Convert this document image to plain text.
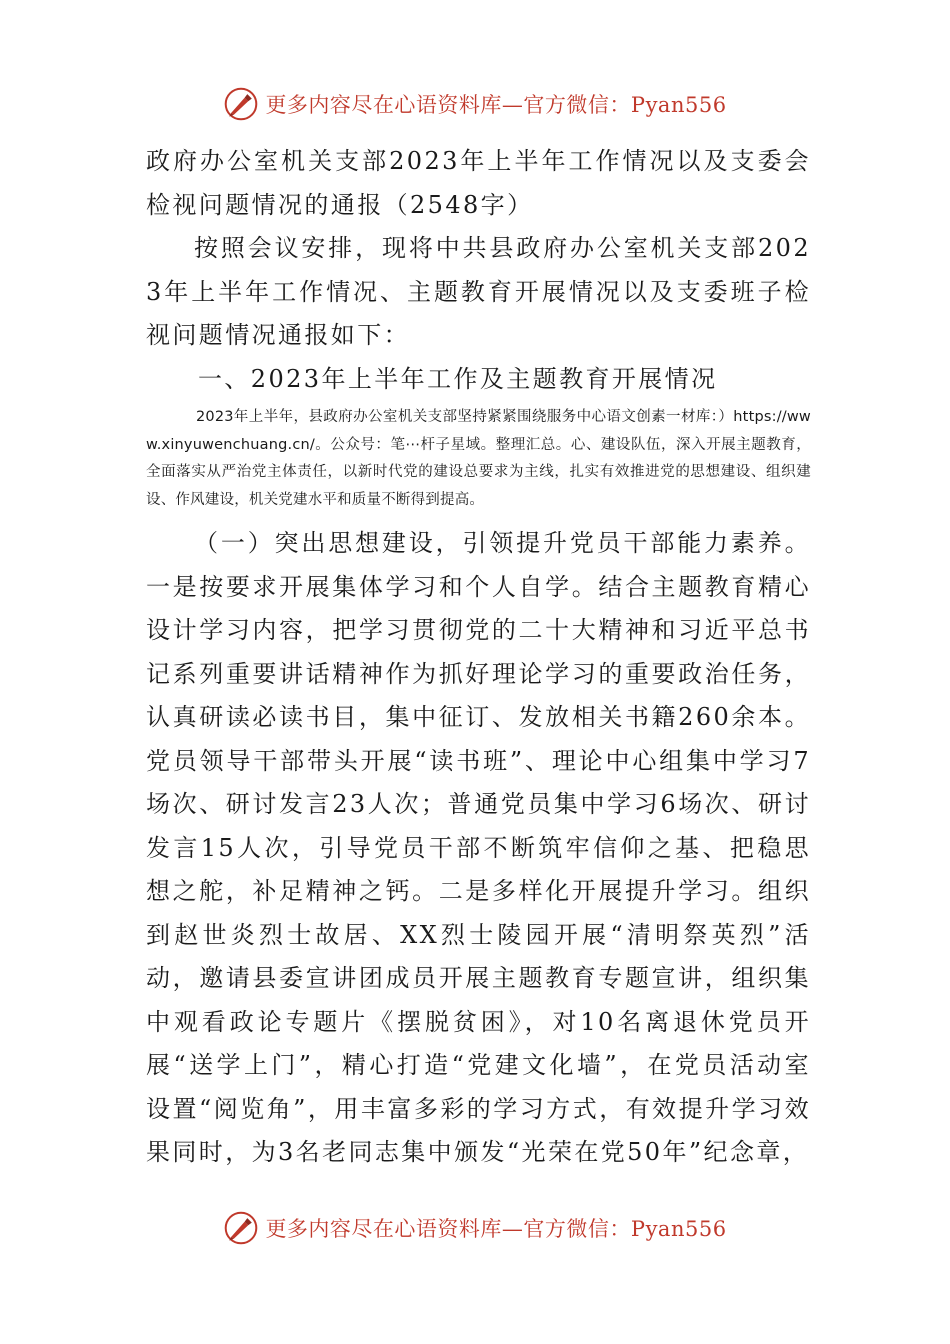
更多内容尽在心语资料库—官方微信：Pyan556

政府办公室机关支部2023年上半年工作情况以及支委会检视问题情况的通报（2548字）

按照会议安排，现将中共县政府办公室机关支部2023年上半年工作情况、主题教育开展情况以及支委班子检视问题情况通报如下：

一、2023年上半年工作及主题教育开展情况

2023年上半年，县政府办公室机关支部坚持紧紧围绕服务中心语文创素一材库：）https://www.xinyuwenchuang.cn/。公众号：笔⋯杆子星域。整理汇总。心、建设队伍，深入开展主题教育，全面落实从严治党主体责任，以新时代党的建设总要求为主线，扎实有效推进党的思想建设、组织建设、作风建设，机关党建水平和质量不断得到提高。

（一）突出思想建设，引领提升党员干部能力素养。一是按要求开展集体学习和个人自学。结合主题教育精心设计学习内容，把学习贯彻党的二十大精神和习近平总书记系列重要讲话精神作为抓好理论学习的重要政治任务，认真研读必读书目，集中征订、发放相关书籍260余本。党员领导干部带头开展“读书班”、理论中心组集中学习7场次、研讨发言23人次；普通党员集中学习6场次、研讨发言15人次，引导党员干部不断筑牢信仰之基、把稳思想之舵，补足精神之钙。二是多样化开展提升学习。组织到赵世炎烈士故居、XX烈士陵园开展“清明祭英烈”活动，邀请县委宣讲团成员开展主题教育专题宣讲，组织集中观看政论专题片《摆脱贫困》，对10名离退休党员开展“送学上门”，精心打造“党建文化墙”，在党员活动室设置“阅览角”，用丰富多彩的学习方式，有效提升学习效果同时，为3名老同志集中颁发“光荣在党50年”纪念章，

更多内容尽在心语资料库—官方微信：Pyan556
